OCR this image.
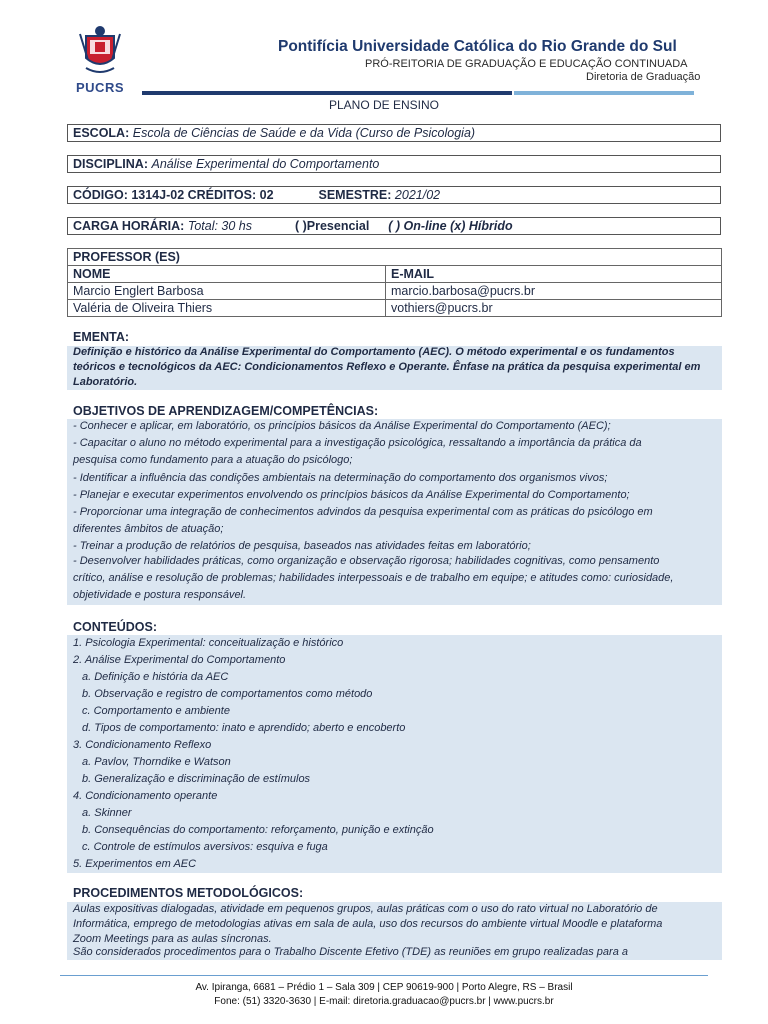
PUCRS
Pontifícia Universidade Católica do Rio Grande do Sul
PRÓ-REITORIA DE GRADUAÇÃO E EDUCAÇÃO CONTINUADA
Diretoria de Graduação
PLANO DE ENSINO
ESCOLA: Escola de Ciências de Saúde e da Vida (Curso de Psicologia)
DISCIPLINA: Análise Experimental do Comportamento
CÓDIGO: 1314J-02 CRÉDITOS: 02	SEMESTRE: 2021/02
CARGA HORÁRIA: Total: 30 hs	( )Presencial ( ) On-line (x) Híbrido
PROFESSOR (ES)	
NOME	E-MAIL
Marcio Englert Barbosa	marcio.barbosa@pucrs.br
Valéria de Oliveira Thiers	vothiers@pucrs.br
EMENTA:
Definição e histórico da Análise Experimental do Comportamento (AEC). O método experimental e os fundamentos
teóricos e tecnológicos da AEC: Condicionamentos Reflexo e Operante. Ênfase na prática da pesquisa experimental em
Laboratório.
OBJETIVOS DE APRENDIZAGEM/COMPETÊNCIAS:
- Conhecer e aplicar, em laboratório, os princípios básicos da Análise Experimental do Comportamento (AEC);
- Capacitar o aluno no método experimental para a investigação psicológica, ressaltando a importância da prática da
pesquisa como fundamento para a atuação do psicólogo;
- Identificar a influência das condições ambientais na determinação do comportamento dos organismos vivos;
- Planejar e executar experimentos envolvendo os princípios básicos da Análise Experimental do Comportamento;
- Proporcionar uma integração de conhecimentos advindos da pesquisa experimental com as práticas do psicólogo em
diferentes âmbitos de atuação;
- Treinar a produção de relatórios de pesquisa, baseados nas atividades feitas em laboratório;
- Desenvolver habilidades práticas, como organização e observação rigorosa; habilidades cognitivas, como pensamento
crítico, análise e resolução de problemas; habilidades interpessoais e de trabalho em equipe; e atitudes como: curiosidade,
objetividade e postura responsável.
CONTEÚDOS:
1. Psicologia Experimental: conceitualização e histórico
2. Análise Experimental do Comportamento
a. Definição e história da AEC
b. Observação e registro de comportamentos como método
c. Comportamento e ambiente
d. Tipos de comportamento: inato e aprendido; aberto e encoberto
3. Condicionamento Reflexo
a. Pavlov, Thorndike e Watson
b. Generalização e discriminação de estímulos
4. Condicionamento operante
a. Skinner
b. Consequências do comportamento: reforçamento, punição e extinção
c. Controle de estímulos aversivos: esquiva e fuga
5. Experimentos em AEC
PROCEDIMENTOS METODOLÓGICOS:
Aulas expositivas dialogadas, atividade em pequenos grupos, aulas práticas com o uso do rato virtual no Laboratório de
Informática, emprego de metodologias ativas em sala de aula, uso dos recursos do ambiente virtual Moodle e plataforma
Zoom Meetings para as aulas síncronas.
São considerados procedimentos para o Trabalho Discente Efetivo (TDE) as reuniões em grupo realizadas para a
Av. Ipiranga, 6681 – Prédio 1 – Sala 309 | CEP 90619-900 | Porto Alegre, RS – Brasil
Fone: (51) 3320-3630 | E-mail: diretoria.graduacao@pucrs.br | www.pucrs.br
